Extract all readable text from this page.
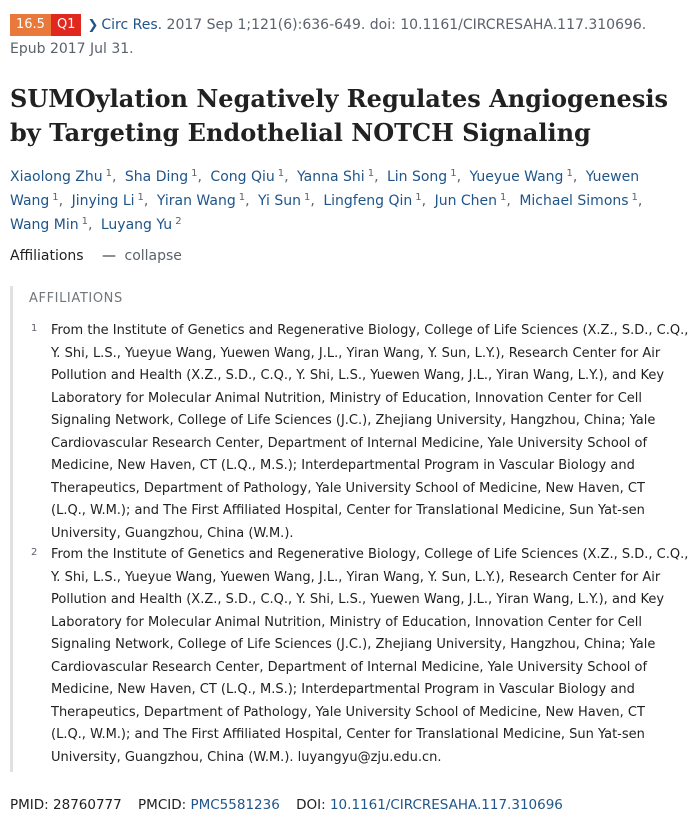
16.5 Q1 ❯ Circ Res. 2017 Sep 1;121(6):636-649. doi: 10.1161/CIRCRESAHA.117.310696.
Epub 2017 Jul 31.
SUMOylation Negatively Regulates Angiogenesis by Targeting Endothelial NOTCH Signaling
Xiaolong Zhu $^1$, Sha Ding $^1$, Cong Qiu $^1$, Yanna Shi $^1$, Lin Song $^1$, Yueyue Wang $^1$, Yuewen Wang $^1$, Jinying Li $^1$, Yiran Wang $^1$, Yi Sun $^1$, Lingfeng Qin $^1$, Jun Chen $^1$, Michael Simons $^1$, Wang Min $^1$, Luyang Yu $^2$
Affiliations — collapse
AFFILIATIONS
1 From the Institute of Genetics and Regenerative Biology, College of Life Sciences (X.Z., S.D., C.Q.,
Y. Shi, L.S., Yueyue Wang, Yuewen Wang, J.L., Yiran Wang, Y. Sun, L.Y.), Research Center for Air
Pollution and Health (X.Z., S.D., C.Q., Y. Shi, L.S., Yuewen Wang, J.L., Yiran Wang, L.Y.), and Key
Laboratory for Molecular Animal Nutrition, Ministry of Education, Innovation Center for Cell
Signaling Network, College of Life Sciences (J.C.), Zhejiang University, Hangzhou, China; Yale
Cardiovascular Research Center, Department of Internal Medicine, Yale University School of
Medicine, New Haven, CT (L.Q., M.S.); Interdepartmental Program in Vascular Biology and
Therapeutics, Department of Pathology, Yale University School of Medicine, New Haven, CT
(L.Q., W.M.); and The First Affiliated Hospital, Center for Translational Medicine, Sun Yat-sen
University, Guangzhou, China (W.M.).
2 From the Institute of Genetics and Regenerative Biology, College of Life Sciences (X.Z., S.D., C.Q.,
Y. Shi, L.S., Yueyue Wang, Yuewen Wang, J.L., Yiran Wang, Y. Sun, L.Y.), Research Center for Air
Pollution and Health (X.Z., S.D., C.Q., Y. Shi, L.S., Yuewen Wang, J.L., Yiran Wang, L.Y.), and Key
Laboratory for Molecular Animal Nutrition, Ministry of Education, Innovation Center for Cell
Signaling Network, College of Life Sciences (J.C.), Zhejiang University, Hangzhou, China; Yale
Cardiovascular Research Center, Department of Internal Medicine, Yale University School of
Medicine, New Haven, CT (L.Q., M.S.); Interdepartmental Program in Vascular Biology and
Therapeutics, Department of Pathology, Yale University School of Medicine, New Haven, CT
(L.Q., W.M.); and The First Affiliated Hospital, Center for Translational Medicine, Sun Yat-sen
University, Guangzhou, China (W.M.). luyangyu@zju.edu.cn.
PMID: 28760777 PMCID: PMC5581236 DOI: 10.1161/CIRCRESAHA.117.310696
